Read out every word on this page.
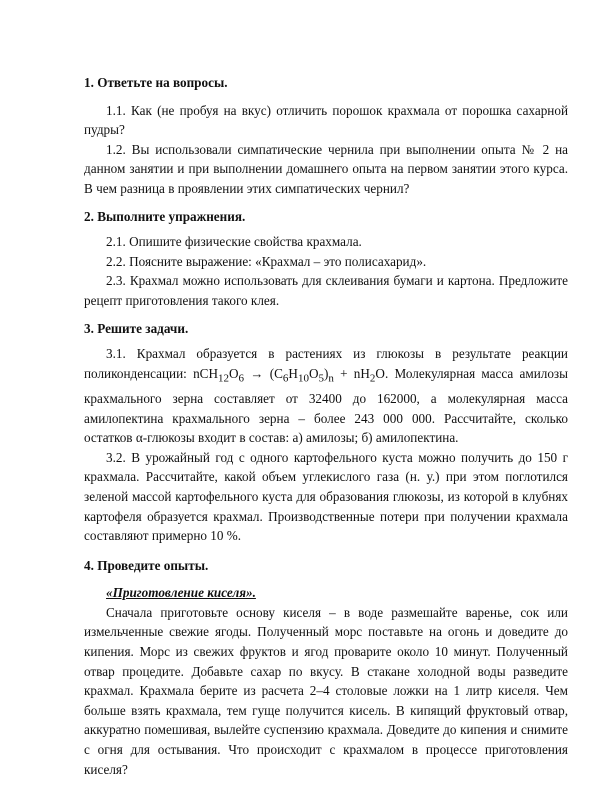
1. Ответьте на вопросы.

1.1. Как (не пробуя на вкус) отличить порошок крахмала от порошка сахарной пудры?

1.2. Вы использовали симпатические чернила при выполнении опыта № 2 на данном занятии и при выполнении домашнего опыта на первом занятии этого курса. В чем разница в проявлении этих симпатических чернил?

2. Выполните упражнения.

2.1. Опишите физические свойства крахмала.

2.2. Поясните выражение: «Крахмал – это полисахарид».

2.3. Крахмал можно использовать для склеивания бумаги и картона. Предложите рецепт приготовления такого клея.

3. Решите задачи.

3.1. Крахмал образуется в растениях из глюкозы в результате реакции поликонденсации: $nCH_{12}O_6 \to (C_6H_{10}O_5)_n + nH_2O$. Молекулярная масса амилозы крахмального зерна составляет от 32400 до 162000, а молекулярная масса амилопектина крахмального зерна – более 243 000 000. Рассчитайте, сколько остатков α-глюкозы входит в состав: а) амилозы; б) амилопектина.

3.2. В урожайный год с одного картофельного куста можно получить до 150 г крахмала. Рассчитайте, какой объем углекислого газа (н. у.) при этом поглотился зеленой массой картофельного куста для образования глюкозы, из которой в клубнях картофеля образуется крахмал. Производственные потери при получении крахмала составляют примерно 10 %.

4. Проведите опыты.

«Приготовление киселя».

Сначала приготовьте основу киселя – в воде размешайте варенье, сок или измельченные свежие ягоды. Полученный морс поставьте на огонь и доведите до кипения. Морс из свежих фруктов и ягод проварите около 10 минут. Полученный отвар процедите. Добавьте сахар по вкусу. В стакане холодной воды разведите крахмал. Крахмала берите из расчета 2–4 столовые ложки на 1 литр киселя. Чем больше взять крахмала, тем гуще получится кисель. В кипящий фруктовый отвар, аккуратно помешивая, вылейте суспензию крахмала. Доведите до кипения и снимите с огня для остывания. Что происходит с крахмалом в процессе приготовления киселя?
